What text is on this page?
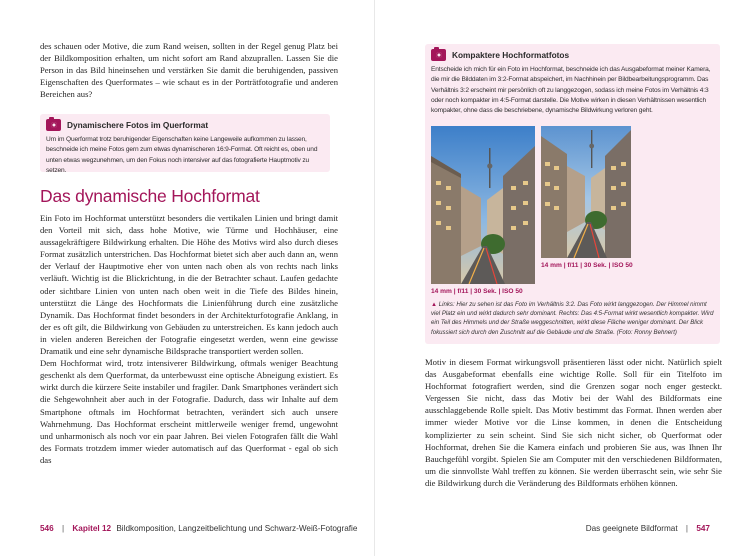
des schauen oder Motive, die zum Rand weisen, sollten in der Regel genug Platz bei der Bildkomposition erhalten, um nicht sofort am Rand abzuprallen. Lassen Sie die Person in das Bild hineinsehen und verstärken Sie damit die beruhigenden, passiven Eigenschaften des Querformates – wie schaut es in der Porträtfotografie und anderen Bereichen aus?

Dynamischere Fotos im Querformat
Um im Querformat trotz beruhigender Eigenschaften keine Langeweile aufkommen zu lassen, beschneide ich meine Fotos gern zum etwas dynamischeren 16:9-Format. Oft reicht es, oben und unten etwas wegzunehmen, um den Fokus noch intensiver auf das fotografierte Hauptmotiv zu setzen.
Das dynamische Hochformat

Ein Foto im Hochformat unterstützt besonders die vertikalen Linien und bringt damit den Vorteil mit sich, dass hohe Motive, wie Türme und Hochhäuser, eine aussagekräftigere Bildwirkung erhalten. Die Höhe des Motivs wird also durch dieses Format zusätzlich unterstrichen. Das Hochformat bietet sich aber auch dann an, wenn der Verlauf der Hauptmotive eher von unten nach oben als von rechts nach links verläuft. Wichtig ist die Blickrichtung, in die der Betrachter schaut. Laufen gedachte oder sichtbare Linien von unten nach oben weit in die Tiefe des Bildes hinein, unterstützt die Länge des Hochformats die Linienführung durch eine zusätzliche Dynamik. Das Hochformat findet besonders in der Architekturfotografie Anklang, in der es oft gilt, die Bildwirkung von Gebäuden zu unterstreichen. Es kann jedoch auch in vielen anderen Bereichen der Fotografie eingesetzt werden, wenn eine gewisse Dramatik und eine sehr dynamische Bildsprache transportiert werden sollen.

Dem Hochformat wird, trotz intensiverer Bildwirkung, oftmals weniger Beachtung geschenkt als dem Querformat, da unterbewusst eine optische Abneigung existiert. Es wirkt durch die kürzere Seite instabiler und fragiler. Dank Smartphones verändert sich die Sehgewohnheit aber auch in der Fotografie. Dadurch, dass wir Inhalte auf dem Smartphone oftmals im Hochformat betrachten, verändert sich auch unsere Wahrnehmung. Das Hochformat erscheint mittlerweile weniger fremd, ungewohnt und unharmonisch als noch vor ein paar Jahren. Bei vielen Fotografen fällt die Wahl des Formats trotzdem immer wieder automatisch auf das Querformat - egal ob sich das

546 | Kapitel 12 Bildkomposition, Langzeitbelichtung und Schwarz-Weiß-Fotografie
Kompaktere Hochformatfotos
Entscheide ich mich für ein Foto im Hochformat, beschneide ich das Ausgabeformat meiner Kamera, die mir die Bilddaten im 3:2-Format abspeichert, im Nachhinein per Bildbearbeitungsprogramm. Das Verhältnis 3:2 erscheint mir persönlich oft zu langgezogen, sodass ich meine Fotos im Verhältnis 4:3 oder noch kompakter im 4:5-Format darstelle. Die Motive wirken in diesen Verhältnissen wesentlich kompakter, ohne dass die beschriebene, dynamische Bildwirkung verloren geht.
14 mm | f/11 | 30 Sek. | ISO 50
14 mm | f/11 | 30 Sek. | ISO 50
▲ Links: Hier zu sehen ist das Foto im Verhältnis 3:2. Das Foto wirkt langgezogen. Der Himmel nimmt viel Platz ein und wirkt dadurch sehr dominant. Rechts: Das 4:5-Format wirkt wesentlich kompakter. Wird ein Teil des Himmels und der Straße weggeschnitten, wirkt diese Fläche weniger dominant. Der Blick fokussiert sich durch den Zuschnitt auf die Gebäude und die Straße. (Foto: Ronny Behnert)

Motiv in diesem Format wirkungsvoll präsentieren lässt oder nicht. Natürlich spielt das Ausgabeformat ebenfalls eine wichtige Rolle. Soll für ein Titelfoto im Hochformat fotografiert werden, sind die Grenzen sogar noch enger gesteckt. Vergessen Sie nicht, dass das Motiv bei der Wahl des Bildformats eine ausschlaggebende Rolle spielt. Das Motiv bestimmt das Format. Ihnen werden aber immer wieder Motive vor die Linse kommen, in denen die Entscheidung komplizierter zu sein scheint. Sind Sie sich nicht sicher, ob Querformat oder Hochformat, drehen Sie die Kamera einfach und probieren Sie aus, was Ihnen Ihr Bauchgefühl vorgibt. Spielen Sie am Computer mit den verschiedenen Bildformaten, um die sinnvollste Wahl treffen zu können. Sie werden überrascht sein, wie sehr Sie die Bildwirkung durch die Veränderung des Bildformats erhöhen können.

Das geeignete Bildformat | 547
